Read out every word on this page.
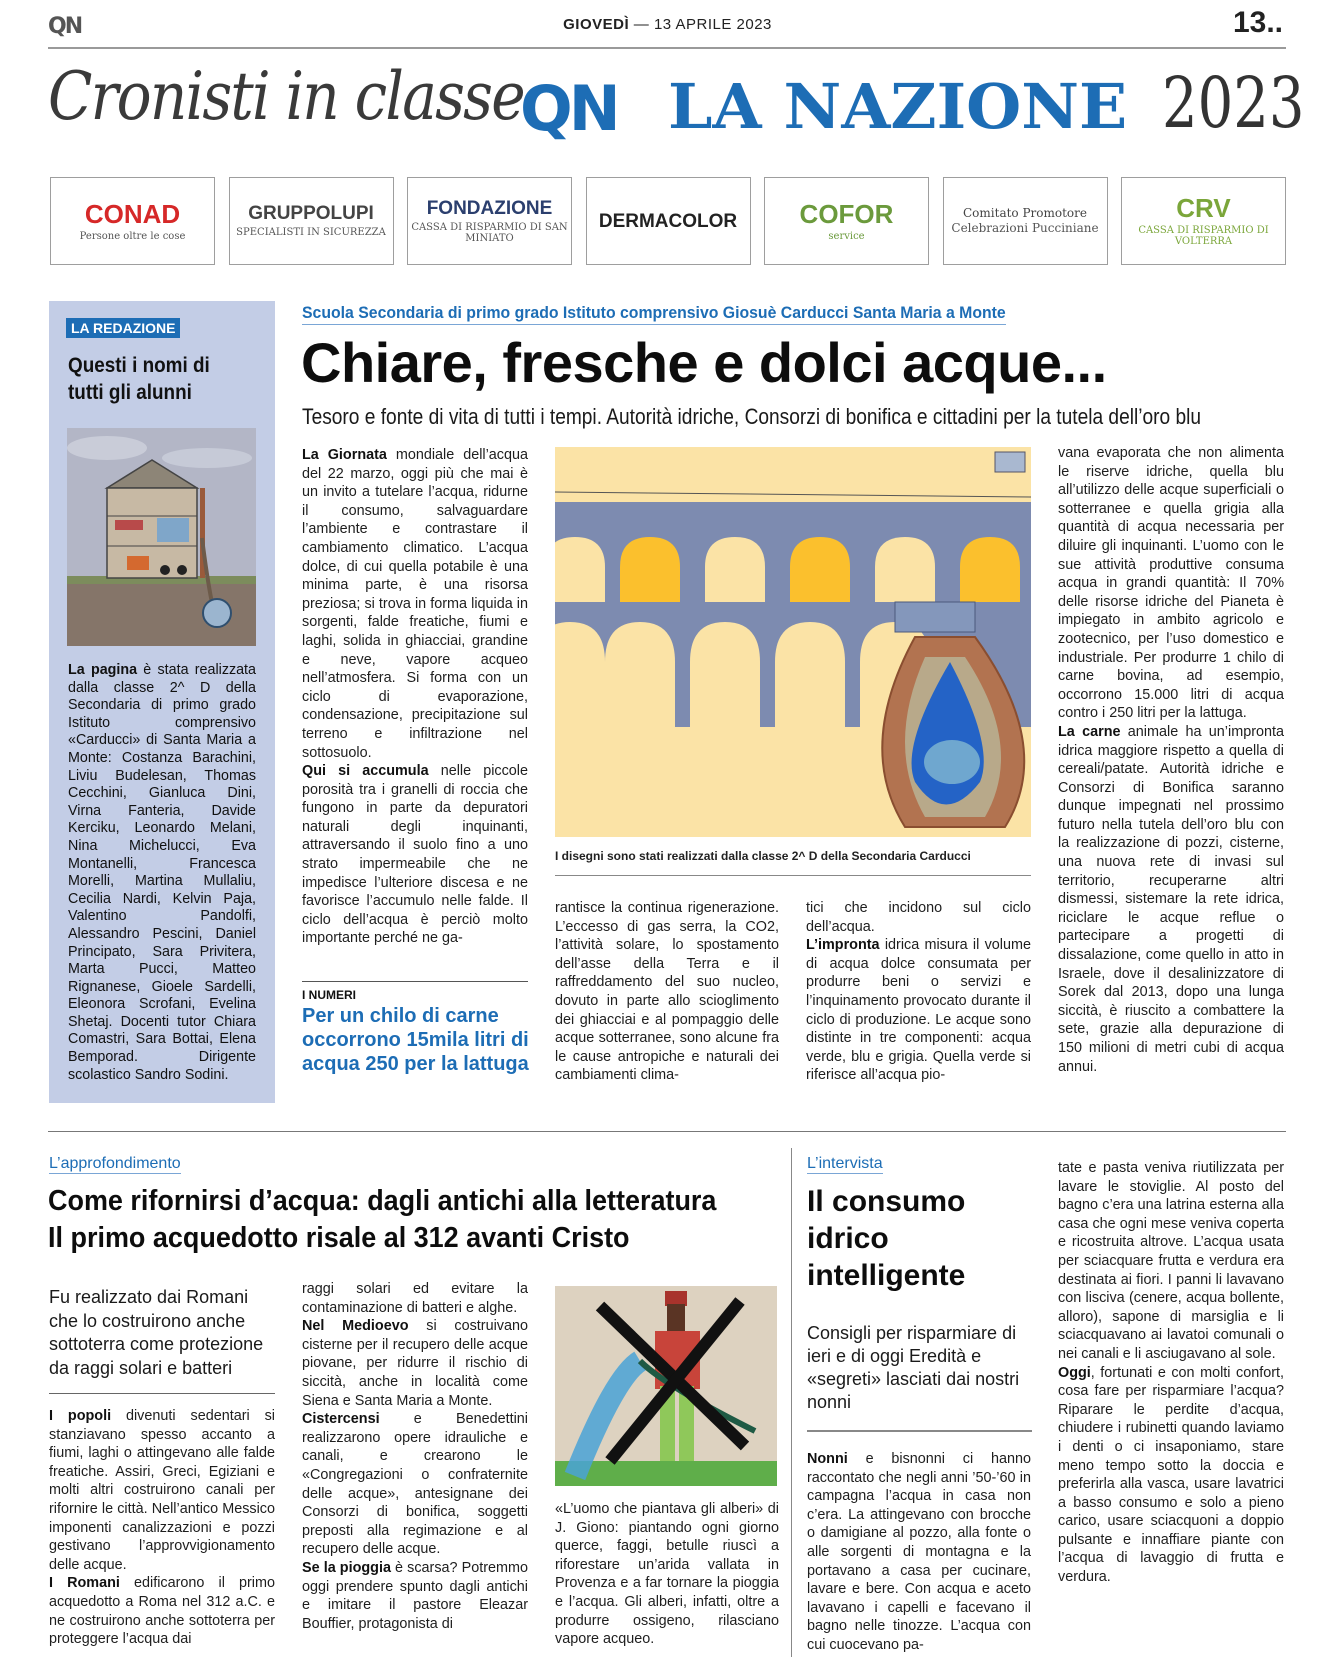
QN	GIOVEDÌ — 13 APRILE 2023	13..
Cronisti in classe
QN LA NAZIONE 2023
CONAD
Persone oltre le cose
GRUPPOLUPI
SPECIALISTI IN SICUREZZA
FONDAZIONE
CASSA DI RISPARMIO DI SAN MINIATO
DERMACOLOR COFOR
service
Comitato Promotore
Celebrazioni Pucciniane
CRV
CASSA DI RISPARMIO DI VOLTERRA
LA REDAZIONE
Questi i nomi di tutti gli alunni
La pagina è stata realizzata dalla classe 2^ D della Secondaria di primo grado Istituto comprensivo «Carducci» di Santa Maria a Monte: Costanza Barachini, Liviu Budelesan, Thomas Cecchini, Gianluca Dini, Virna Fanteria, Davide Kerciku, Leonardo Melani, Nina Michelucci, Eva Montanelli, Francesca Morelli, Martina Mullaliu, Cecilia Nardi, Kelvin Paja, Valentino Pandolfi, Alessandro Pescini, Daniel Principato, Sara Privitera, Marta Pucci, Matteo Rignanese, Gioele Sardelli, Eleonora Scrofani, Evelina Shetaj. Docenti tutor Chiara Comastri, Sara Bottai, Elena Bemporad. Dirigente scolastico Sandro Sodini.
Scuola Secondaria di primo grado Istituto comprensivo Giosuè Carducci Santa Maria a Monte
Chiare, fresche e dolci acque...
Tesoro e fonte di vita di tutti i tempi. Autorità idriche, Consorzi di bonifica e cittadini per la tutela dell’oro blu

La Giornata mondiale dell’acqua del 22 marzo, oggi più che mai è un invito a tutelare l’acqua, ridurne il consumo, salvaguardare l’ambiente e contrastare il cambiamento climatico. L’acqua dolce, di cui quella potabile è una minima parte, è una risorsa preziosa; si trova in forma liquida in sorgenti, falde freatiche, fiumi e laghi, solida in ghiacciai, grandine e neve, vapore acqueo nell’atmosfera. Si forma con un ciclo di evaporazione, condensazione, precipitazione sul terreno e infiltrazione nel sottosuolo.

Qui si accumula nelle piccole porosità tra i granelli di roccia che fungono in parte da depuratori naturali degli inquinanti, attraversando il suolo fino a uno strato impermeabile che ne impedisce l’ulteriore discesa e ne favorisce l’accumulo nelle falde. Il ciclo dell’acqua è perciò molto importante perché ne ga-

I NUMERI
Per un chilo di carne occorrono 15mila litri di acqua 250 per la lattuga
I disegni sono stati realizzati dalla classe 2^ D della Secondaria Carducci

rantisce la continua rigenerazione. L’eccesso di gas serra, la CO2, l’attività solare, lo spostamento dell’asse della Terra e il raffreddamento del suo nucleo, dovuto in parte allo scioglimento dei ghiacciai e al pompaggio delle acque sotterranee, sono alcune fra le cause antropiche e naturali dei cambiamenti clima-

tici che incidono sul ciclo dell’acqua.

L’impronta idrica misura il volume di acqua dolce consumata per produrre beni o servizi e l’inquinamento provocato durante il ciclo di produzione. Le acque sono distinte in tre componenti: acqua verde, blu e grigia. Quella verde si riferisce all’acqua pio-

vana evaporata che non alimenta le riserve idriche, quella blu all’utilizzo delle acque superficiali o sotterranee e quella grigia alla quantità di acqua necessaria per diluire gli inquinanti. L’uomo con le sue attività produttive consuma acqua in grandi quantità: Il 70% delle risorse idriche del Pianeta è impiegato in ambito agricolo e zootecnico, per l’uso domestico e industriale. Per produrre 1 chilo di carne bovina, ad esempio, occorrono 15.000 litri di acqua contro i 250 litri per la lattuga.

La carne animale ha un’impronta idrica maggiore rispetto a quella di cereali/patate. Autorità idriche e Consorzi di Bonifica saranno dunque impegnati nel prossimo futuro nella tutela dell’oro blu con la realizzazione di pozzi, cisterne, una nuova rete di invasi sul territorio, recuperarne altri dismessi, sistemare la rete idrica, riciclare le acque reflue o partecipare a progetti di dissalazione, come quello in atto in Israele, dove il desalinizzatore di Sorek dal 2013, dopo una lunga siccità, è riuscito a combattere la sete, grazie alla depurazione di 150 milioni di metri cubi di acqua annui.

L’approfondimento
Come rifornirsi d’acqua: dagli antichi alla letteratura
Il primo acquedotto risale al 312 avanti Cristo
Fu realizzato dai Romani che lo costruirono anche sottoterra come protezione da raggi solari e batteri

I popoli divenuti sedentari si stanziavano spesso accanto a fiumi, laghi o attingevano alle falde freatiche. Assiri, Greci, Egiziani e molti altri costruirono canali per rifornire le città. Nell’antico Messico imponenti canalizzazioni e pozzi gestivano l’approvvigionamento delle acque.

I Romani edificarono il primo acquedotto a Roma nel 312 a.C. e ne costruirono anche sottoterra per proteggere l’acqua dai

raggi solari ed evitare la contaminazione di batteri e alghe.

Nel Medioevo si costruivano cisterne per il recupero delle acque piovane, per ridurre il rischio di siccità, anche in località come Siena e Santa Maria a Monte.

Cistercensi e Benedettini realizzarono opere idrauliche e canali, e crearono le «Congregazioni o confraternite delle acque», antesignane dei Consorzi di bonifica, soggetti preposti alla regimazione e al recupero delle acque.

Se la pioggia è scarsa? Potremmo oggi prendere spunto dagli antichi e imitare il pastore Eleazar Bouffier, protagonista di

«L’uomo che piantava gli alberi» di J. Giono: piantando ogni giorno querce, faggi, betulle riuscì a riforestare un’arida vallata in Provenza e a far tornare la pioggia e l’acqua. Gli alberi, infatti, oltre a produrre ossigeno, rilasciano vapore acqueo.
L’intervista
Il consumo idrico intelligente
Consigli per risparmiare di ieri e di oggi Eredità e «segreti» lasciati dai nostri nonni

Nonni e bisnonni ci hanno raccontato che negli anni ’50-’60 in campagna l’acqua in casa non c’era. La attingevano con brocche o damigiane al pozzo, alla fonte o alle sorgenti di montagna e la portavano a casa per cucinare, lavare e bere. Con acqua e aceto lavavano i capelli e facevano il bagno nelle tinozze. L’acqua con cui cuocevano pa-

tate e pasta veniva riutilizzata per lavare le stoviglie. Al posto del bagno c’era una latrina esterna alla casa che ogni mese veniva coperta e ricostruita altrove. L’acqua usata per sciacquare frutta e verdura era destinata ai fiori. I panni li lavavano con lisciva (cenere, acqua bollente, alloro), sapone di marsiglia e li sciacquavano ai lavatoi comunali o nei canali e li asciugavano al sole.

Oggi, fortunati e con molti confort, cosa fare per risparmiare l’acqua? Riparare le perdite d’acqua, chiudere i rubinetti quando laviamo i denti o ci insaponiamo, stare meno tempo sotto la doccia e preferirla alla vasca, usare lavatrici a basso consumo e solo a pieno carico, usare sciacquoni a doppio pulsante e innaffiare piante con l’acqua di lavaggio di frutta e verdura.
